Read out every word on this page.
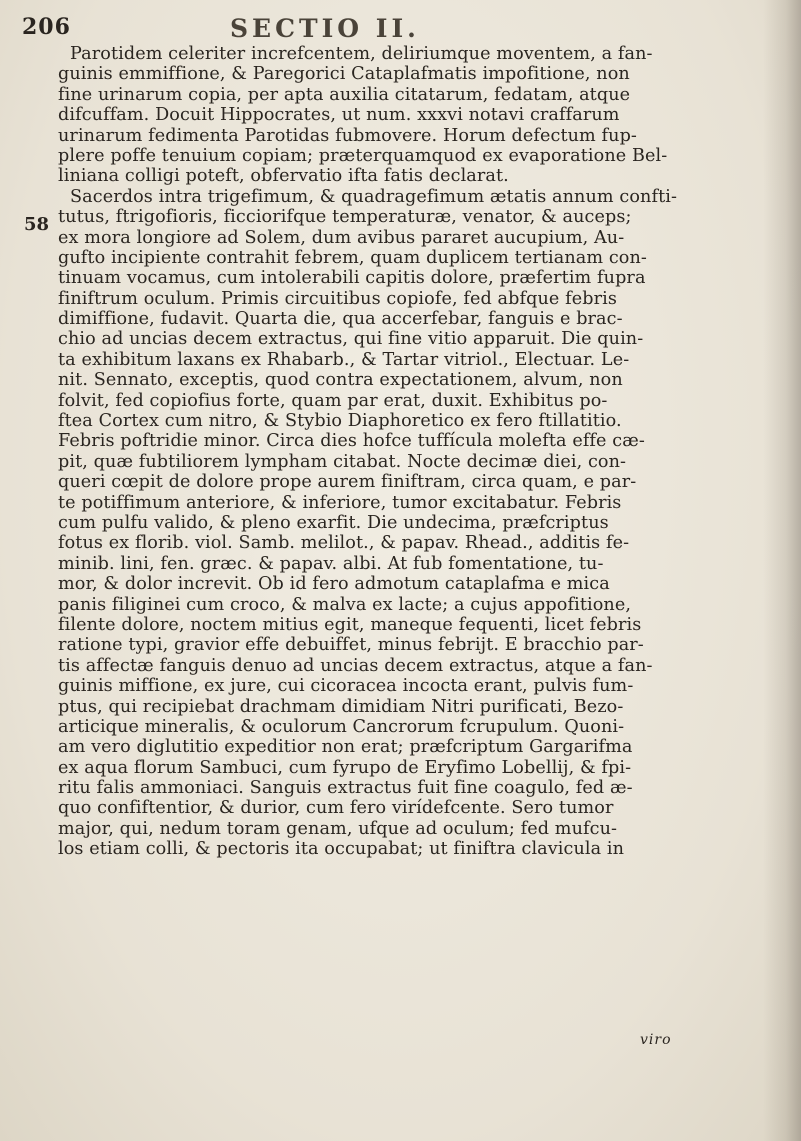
206	SECTIO II.
58
Parotidem celeriter increfcentem, deliriumque moventem, a fan-
guinis emmiffione, & Paregorici Cataplafmatis impofitione, non
fine urinarum copia, per apta auxilia citatarum, fedatam, atque
difcuffam. Docuit Hippocrates, ut num. xxxvi notavi craffarum
urinarum fedimenta Parotidas fubmovere. Horum defectum fup-
plere poffe tenuium copiam; præterquamquod ex evaporatione Bel-
liniana colligi poteft, obfervatio ifta fatis declarat.
Sacerdos intra trigefimum, & quadragefimum ætatis annum confti-
tutus, ftrigofioris, ficciorifque temperaturæ, venator, & auceps;
ex mora longiore ad Solem, dum avibus pararet aucupium, Au-
gufto incipiente contrahit febrem, quam duplicem tertianam con-
tinuam vocamus, cum intolerabili capitis dolore, præfertim fupra
finiftrum oculum. Primis circuitibus copiofe, fed abfque febris
dimiffione, fudavit. Quarta die, qua accerfebar, fanguis e brac-
chio ad uncias decem extractus, qui fine vitio apparuit. Die quin-
ta exhibitum laxans ex Rhabarb., & Tartar vitriol., Electuar. Le-
nit. Sennato, exceptis, quod contra expectationem, alvum, non
folvit, fed copiofius forte, quam par erat, duxit. Exhibitus po-
ftea Cortex cum nitro, & Stybio Diaphoretico ex fero ftillatitio.
Febris poftridie minor. Circa dies hofce tuffícula molefta effe cæ-
pit, quæ fubtiliorem lympham citabat. Nocte decimæ diei, con-
queri cœpit de dolore prope aurem finiftram, circa quam, e par-
te potiffimum anteriore, & inferiore, tumor excitabatur. Febris
cum pulfu valido, & pleno exarfit. Die undecima, præfcriptus
fotus ex florib. viol. Samb. melilot., & papav. Rhead., additis fe-
minib. lini, fen. græc. & papav. albi. At fub fomentatione, tu-
mor, & dolor increvit. Ob id fero admotum cataplafma e mica
panis filiginei cum croco, & malva ex lacte; a cujus appofitione,
filente dolore, noctem mitius egit, maneque fequenti, licet febris
ratione typi, gravior effe debuiffet, minus febrijt. E bracchio par-
tis affectæ fanguis denuo ad uncias decem extractus, atque a fan-
guinis miffione, ex jure, cui cicoracea incocta erant, pulvis fum-
ptus, qui recipiebat drachmam dimidiam Nitri purificati, Bezo-
articique mineralis, & oculorum Cancrorum fcrupulum. Quoni-
am vero diglutitio expeditior non erat; præfcriptum Gargarifma
ex aqua florum Sambuci, cum fyrupo de Eryfimo Lobellij, & fpi-
ritu falis ammoniaci. Sanguis extractus fuit fine coagulo, fed æ-
quo confiftentior, & durior, cum fero virídefcente. Sero tumor
major, qui, nedum toram genam, ufque ad oculum; fed mufcu-
los etiam colli, & pectoris ita occupabat; ut finiftra clavicula in
viro
